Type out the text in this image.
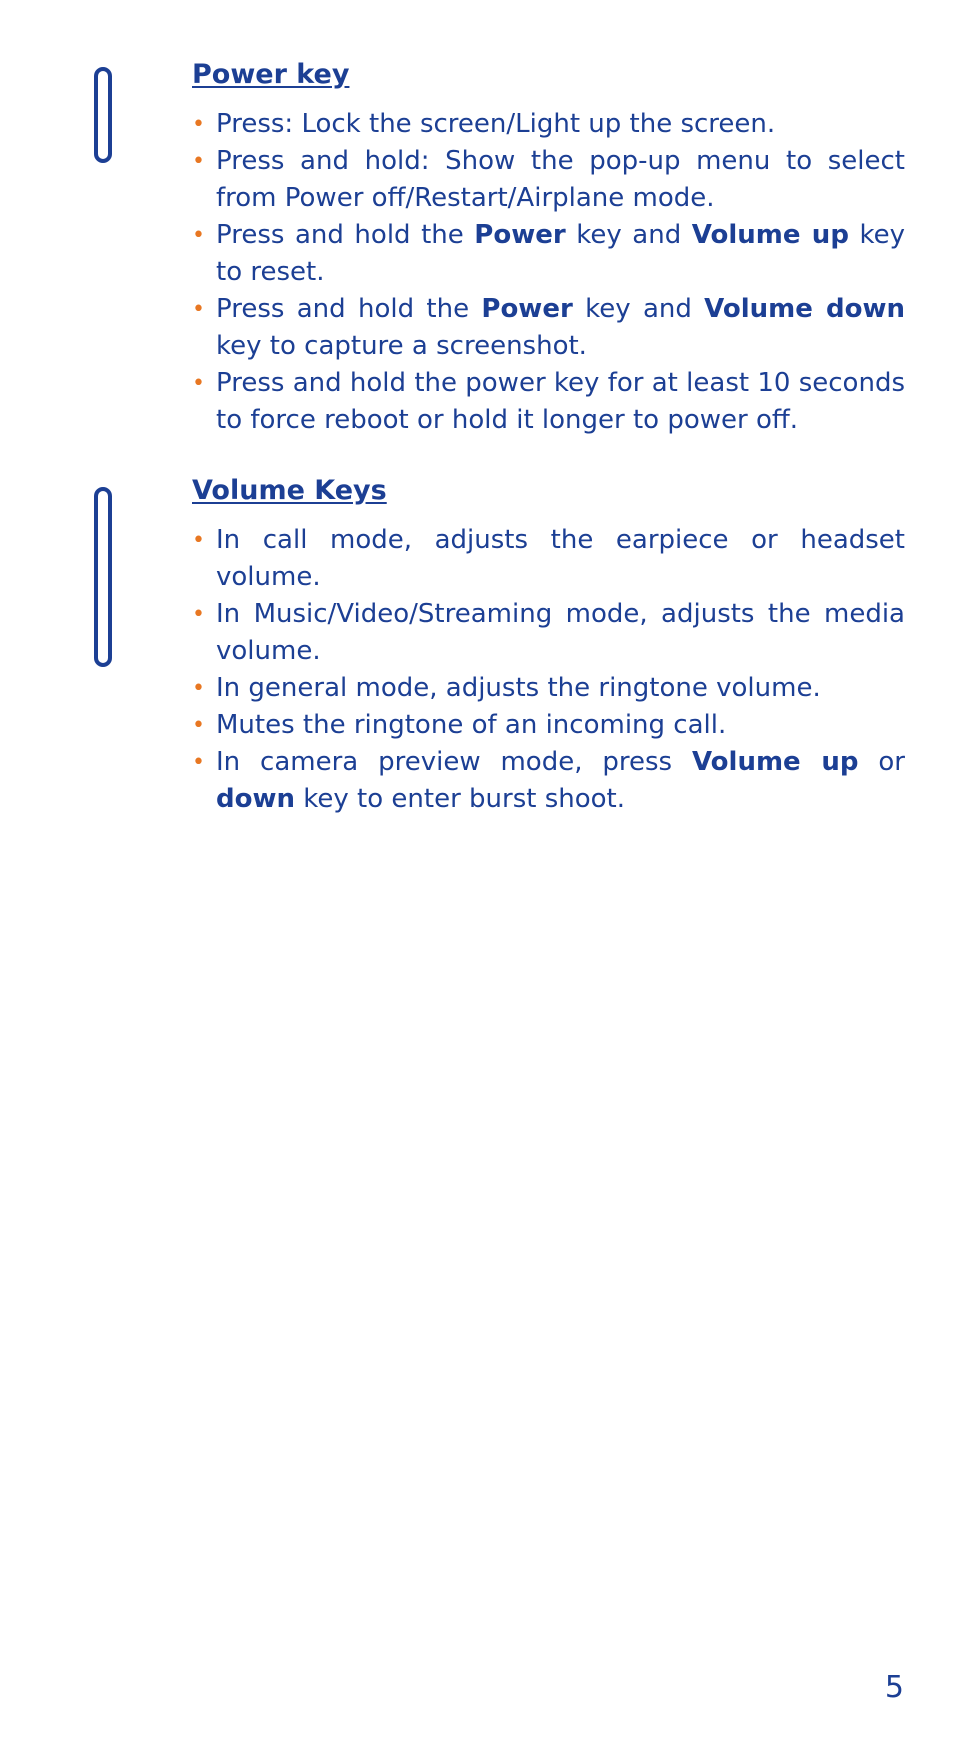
Power key
• Press: Lock the screen/Light up the screen.
• Press and hold: Show the pop-up menu to select from Power off/Restart/Airplane mode.
• Press and hold the Power key and Volume up key to reset.
• Press and hold the Power key and Volume down key to capture a screenshot.
• Press and hold the power key for at least 10 seconds to force reboot or hold it longer to power off.
Volume Keys
• In call mode, adjusts the earpiece or headset volume.
• In Music/Video/Streaming mode, adjusts the media volume.
• In general mode, adjusts the ringtone volume.
• Mutes the ringtone of an incoming call.
• In camera preview mode, press Volume up or down key to enter burst shoot.
5
